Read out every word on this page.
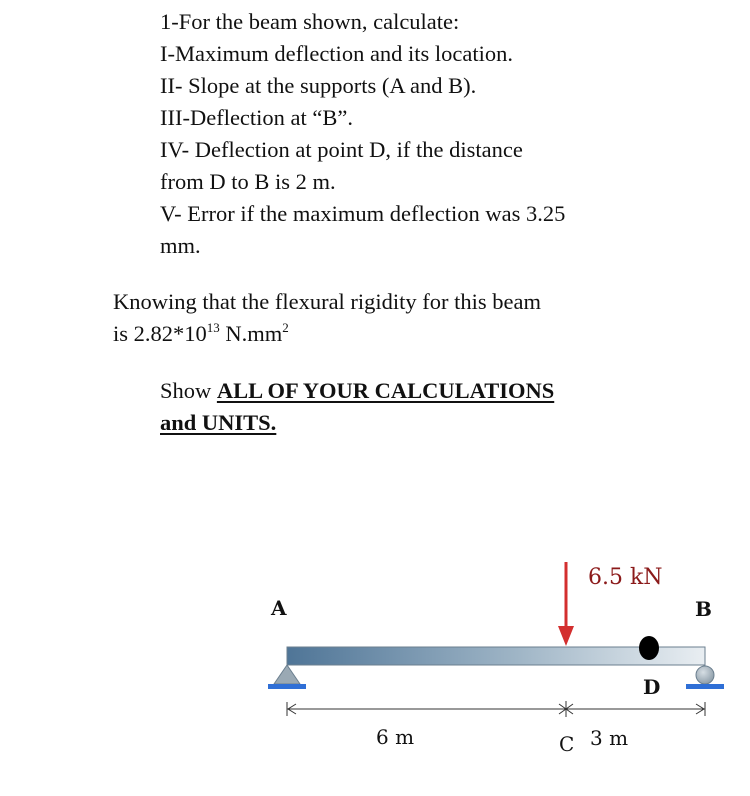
1-For the beam shown, calculate:
I-Maximum deflection and its location.
II- Slope at the supports (A and B).
III-Deflection at “B”.
IV- Deflection at point D, if the distance
from D to B is 2 m.
V- Error if the maximum deflection was 3.25
mm.
Knowing that the flexural rigidity for this beam
is $2.82*10^{13}$ $N.mm^2$
Show ALL OF YOUR CALCULATIONS
and UNITS.
6.5 kN
A	B
D
6 m	C 3 m
